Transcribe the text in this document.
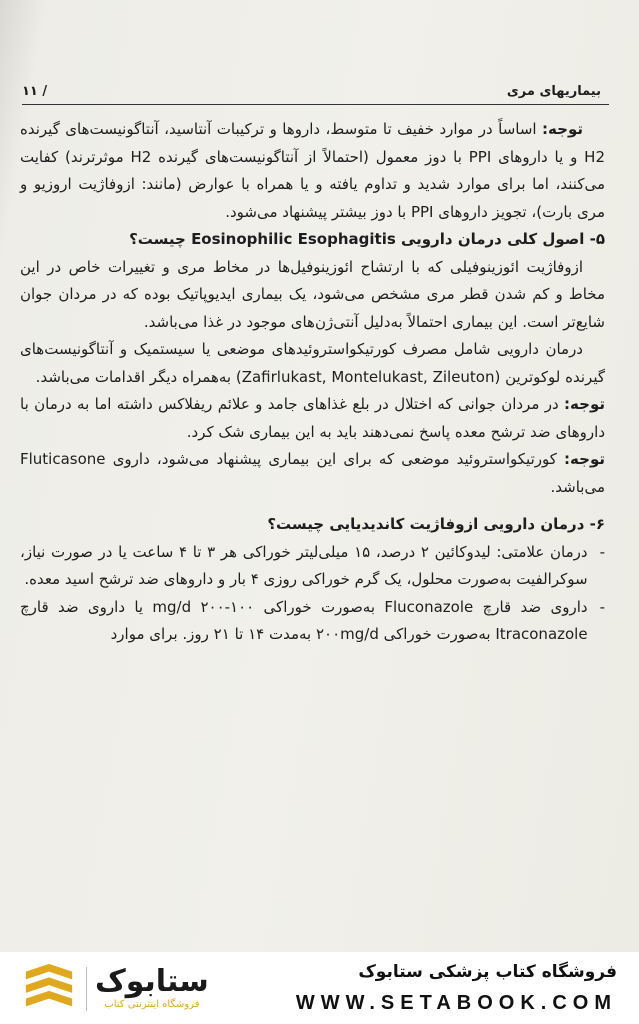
بیماریهای مری
/ ۱۱

توجه: اساساً در موارد خفیف تا متوسط، داروها و ترکیبات آنتاسید، آنتاگونیست‌های گیرنده H2 و یا داروهای PPI با دوز معمول (احتمالاً از آنتاگونیست‌های گیرنده H2 موثرترند) کفایت می‌کنند، اما برای موارد شدید و تداوم یافته و یا همراه با عوارض (مانند: ازوفاژیت اروزیو و مری بارت)، تجویز داروهای PPI با دوز بیشتر پیشنهاد می‌شود.

۵- اصول کلی درمان دارویی Eosinophilic Esophagitis چیست؟

ازوفاژیت ائوزینوفیلی که با ارتشاح ائوزینوفیل‌ها در مخاط مری و تغییرات خاص در این مخاط و کم شدن قطر مری مشخص می‌شود، یک بیماری ایدیوپاتیک بوده که در مردان جوان شایع‌تر است. این بیماری احتمالاً به‌دلیل آنتی‌ژن‌های موجود در غذا می‌باشد.

درمان دارویی شامل مصرف کورتیکواستروئیدهای موضعی یا سیستمیک و آنتاگونیست‌های گیرنده لوکوترین (Zafirlukast, Montelukast, Zileuton) به‌همراه دیگر اقدامات می‌باشد.

توجه: در مردان جوانی که اختلال در بلع غذاهای جامد و علائم ریفلاکس داشته اما به درمان با داروهای ضد ترشح معده پاسخ نمی‌دهند باید به این بیماری شک کرد.

توجه: کورتیکواستروئید موضعی که برای این بیماری پیشنهاد می‌شود، داروی Fluticasone می‌باشد.

۶- درمان دارویی ازوفاژیت کاندیدیایی چیست؟

-
درمان علامتی: لیدوکائین ۲ درصد، ۱۵ میلی‌لیتر خوراکی هر ۳ تا ۴ ساعت یا در صورت نیاز، سوکرالفیت به‌صورت محلول، یک گرم خوراکی روزی ۴ بار و داروهای ضد ترشح اسید معده.
-
داروی ضد قارچ Fluconazole به‌صورت خوراکی mg/d ۲۰۰-۱۰۰ یا داروی ضد قارچ Itraconazole به‌صورت خوراکی ۲۰۰mg/d به‌مدت ۱۴ تا ۲۱ روز. برای موارد
ستابوک
فروشگاه اینترنتی کتاب
فروشگاه کتاب پزشکی ستابوک
WWW.SETABOOK.COM
